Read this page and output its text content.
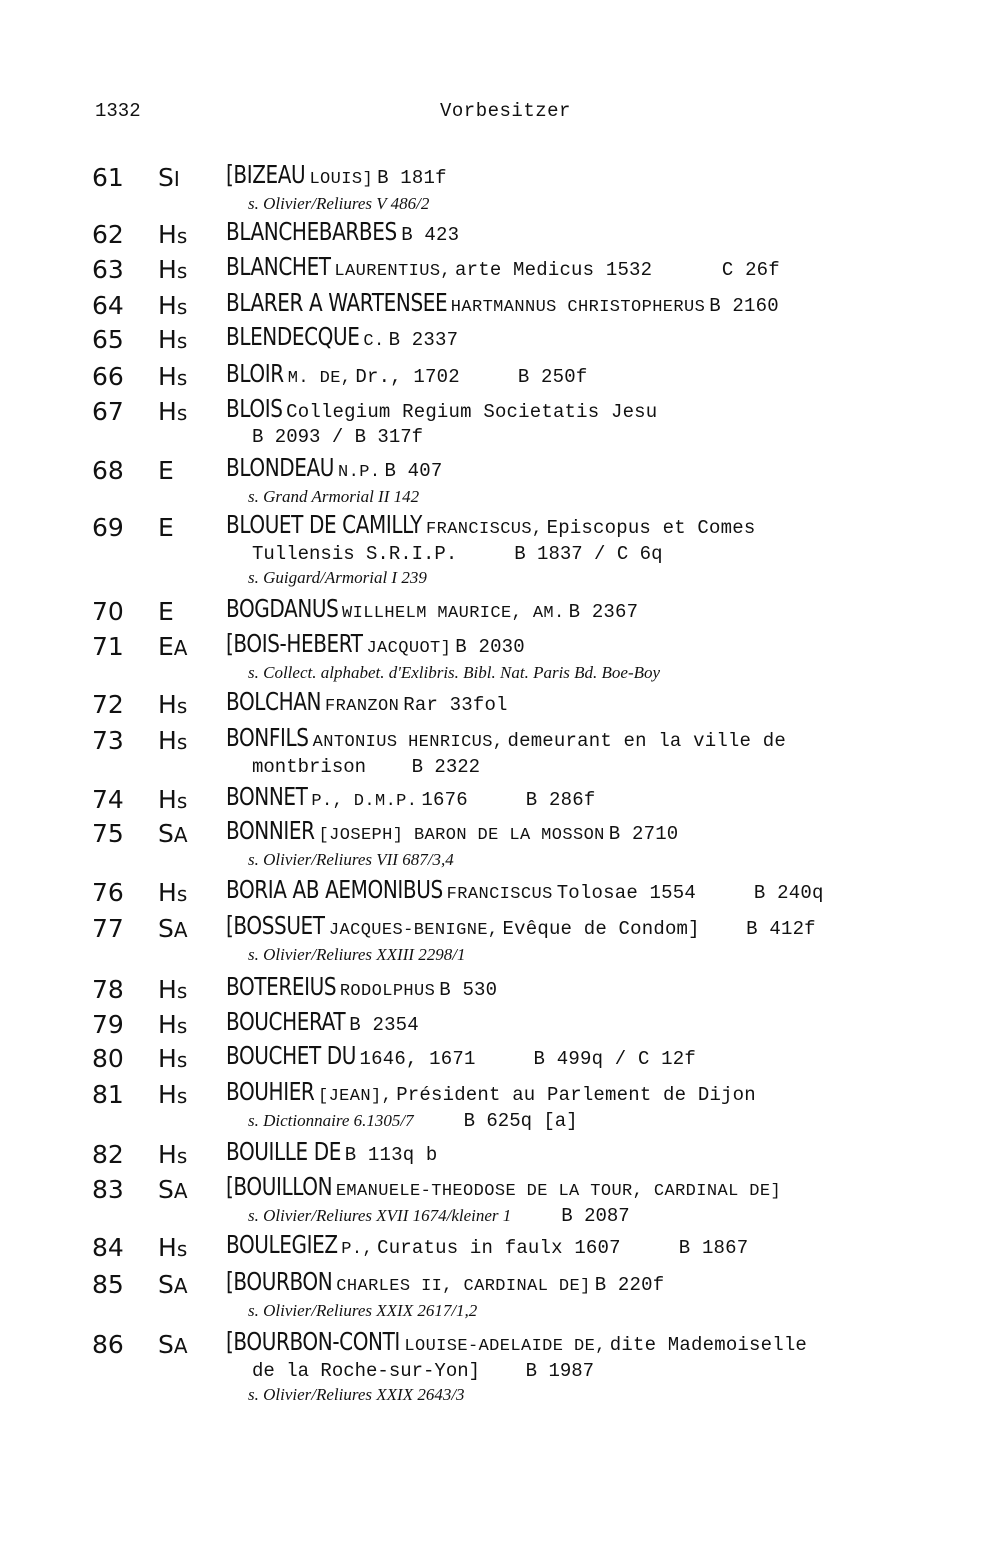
1332	Vorbesitzer
61 SI [BIZEAU LOUIS] B 181f
s. Olivier/Reliures V 486/2
62 Hs BLANCHEBARBES B 423
63 Hs BLANCHET LAURENTIUS, arte Medicus 1532      C 26f
64 Hs BLARER A WARTENSEE HARTMANNUS CHRISTOPHERUS B 2160
65 Hs BLENDECQUE C. B 2337
66 Hs BLOIR M. DE, Dr., 1702     B 250f
67 Hs BLOIS Collegium Regium Societatis Jesu
B 2093 / B 317f
68 E BLONDEAU N.P. B 407
s. Grand Armorial II 142
69 E BLOUET DE CAMILLY FRANCISCUS, Episcopus et Comes
Tullensis S.R.I.P.     B 1837 / C 6q
s. Guigard/Armorial I 239
70 E BOGDANUS WILLHELM MAURICE, AM. B 2367
71 EA [BOIS-HEBERT JACQUOT] B 2030
s. Collect. alphabet. d'Exlibris. Bibl. Nat. Paris Bd. Boe-Boy
72 Hs BOLCHAN FRANZON Rar 33fol
73 Hs BONFILS ANTONIUS HENRICUS, demeurant en la ville de
montbrison    B 2322
74 Hs BONNET P., D.M.P. 1676     B 286f
75 SA BONNIER [JOSEPH] BARON DE LA MOSSON B 2710
s. Olivier/Reliures VII 687/3,4
76 Hs BORIA AB AEMONIBUS FRANCISCUS Tolosae 1554     B 240q
77 SA [BOSSUET JACQUES-BENIGNE, Evêque de Condom]    B 412f
s. Olivier/Reliures XXIII 2298/1
78 Hs BOTEREIUS RODOLPHUS B 530
79 Hs BOUCHERAT B 2354
80 Hs BOUCHET DU 1646, 1671     B 499q / C 12f
81 Hs BOUHIER [JEAN], Président au Parlement de Dijon
s. Dictionnaire 6.1305/7	B 625q [a]
82 Hs BOUILLE DE B 113q b
83 SA [BOUILLON EMANUELE-THEODOSE DE LA TOUR, CARDINAL DE]
s. Olivier/Reliures XVII 1674/kleiner 1	B 2087
84 Hs BOULEGIEZ P., Curatus in faulx 1607     B 1867
85 SA [BOURBON CHARLES II, CARDINAL DE] B 220f
s. Olivier/Reliures XXIX 2617/1,2
86 SA [BOURBON-CONTI LOUISE-ADELAIDE DE, dite Mademoiselle
de la Roche-sur-Yon]    B 1987
s. Olivier/Reliures XXIX 2643/3
